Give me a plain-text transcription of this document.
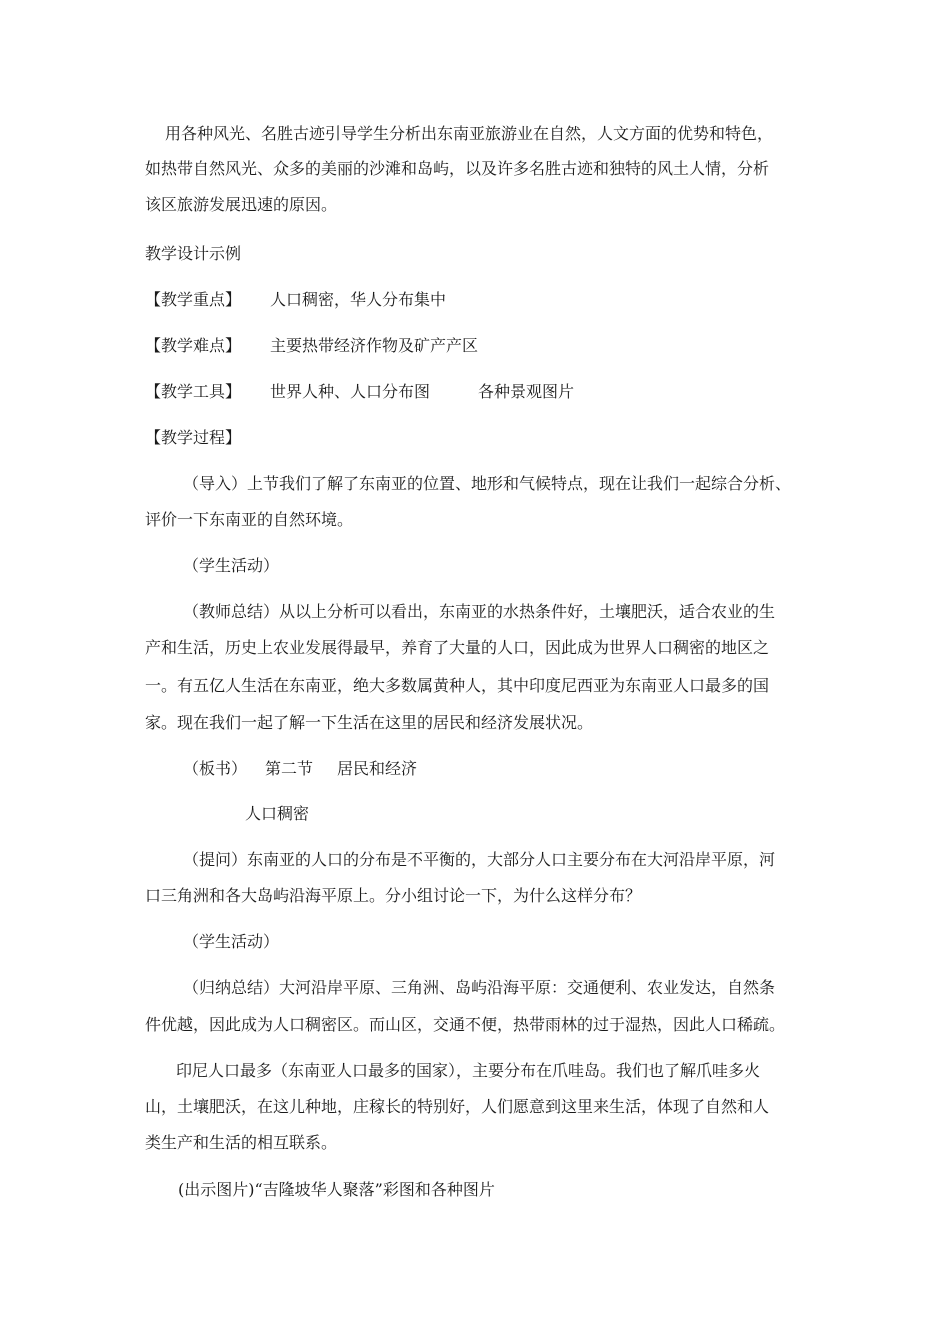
用各种风光、名胜古迹引导学生分析出东南亚旅游业在自然，人文方面的优势和特色，
如热带自然风光、众多的美丽的沙滩和岛屿，以及许多名胜古迹和独特的风土人情，分析
该区旅游发展迅速的原因。
教学设计示例
【教学重点】 人口稠密，华人分布集中
【教学难点】 主要热带经济作物及矿产产区
【教学工具】 世界人种、人口分布图	各种景观图片
【教学过程】
（导入）上节我们了解了东南亚的位置、地形和气候特点，现在让我们一起综合分析、
评价一下东南亚的自然环境。
（学生活动）
（教师总结）从以上分析可以看出，东南亚的水热条件好，土壤肥沃，适合农业的生
产和生活，历史上农业发展得最早，养育了大量的人口，因此成为世界人口稠密的地区之
一。有五亿人生活在东南亚，绝大多数属黄种人，其中印度尼西亚为东南亚人口最多的国
家。现在我们一起了解一下生活在这里的居民和经济发展状况。
（板书） 第二节 居民和经济
人口稠密
（提问）东南亚的人口的分布是不平衡的，大部分人口主要分布在大河沿岸平原，河
口三角洲和各大岛屿沿海平原上。分小组讨论一下，为什么这样分布？
（学生活动）
（归纳总结）大河沿岸平原、三角洲、岛屿沿海平原：交通便利、农业发达，自然条
件优越，因此成为人口稠密区。而山区，交通不便，热带雨林的过于湿热，因此人口稀疏。
印尼人口最多（东南亚人口最多的国家），主要分布在爪哇岛。我们也了解爪哇多火
山，土壤肥沃，在这儿种地，庄稼长的特别好，人们愿意到这里来生活，体现了自然和人
类生产和生活的相互联系。
(出示图片)“吉隆坡华人聚落”彩图和各种图片
